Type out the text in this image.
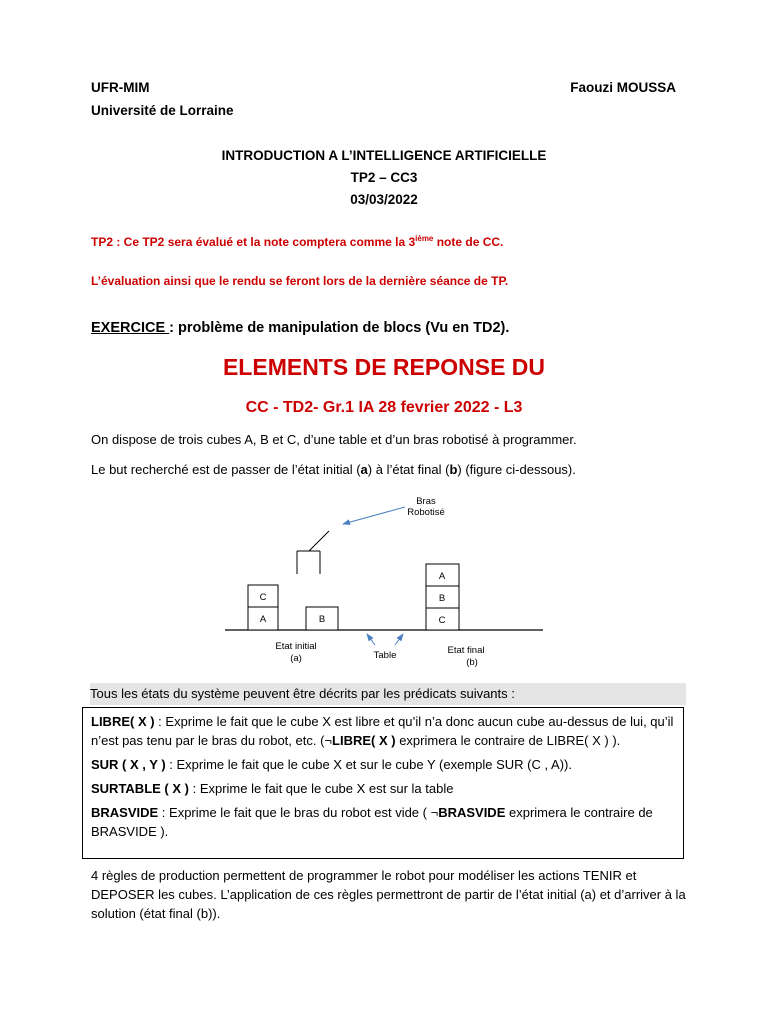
UFR-MIM
Université de Lorraine
Faouzi MOUSSA
INTRODUCTION A L’INTELLIGENCE ARTIFICIELLE
TP2 – CC3
03/03/2022
TP2 : Ce TP2 sera évalué et la note comptera comme la 3ième note de CC.
L’évaluation ainsi que le rendu se feront lors de la dernière séance de TP.
EXERCICE : problème de manipulation de blocs (Vu en TD2).
ELEMENTS DE REPONSE DU
CC - TD2- Gr.1 IA 28 fevrier 2022 - L3
On dispose de trois cubes A, B et C, d’une table et d’un bras robotisé à programmer.
Le but recherché est de passer de l’état initial (a) à l’état final (b) (figure ci-dessous).
Bras
Robotisé
C
A	B
A
B
C
Etat initial
(a)	Table	Etat final
(b)
Tous les états du système peuvent être décrits par les prédicats suivants :

LIBRE( X ) : Exprime le fait que le cube X est libre et qu’il n’a donc aucun cube au-dessus de lui, qu’il n’est pas tenu par le bras du robot, etc. (¬LIBRE( X ) exprimera le contraire de LIBRE( X ) ).

SUR ( X , Y ) : Exprime le fait que le cube X et sur le cube Y (exemple SUR (C , A)).

SURTABLE ( X ) : Exprime le fait que le cube X est sur la table

BRASVIDE : Exprime le fait que le bras du robot est vide ( ¬BRASVIDE exprimera le contraire de BRASVIDE ).

4 règles de production permettent de programmer le robot pour modéliser les actions TENIR et DEPOSER les cubes. L’application de ces règles permettront de partir de l’état initial (a) et d’arriver à la solution (état final (b)).
